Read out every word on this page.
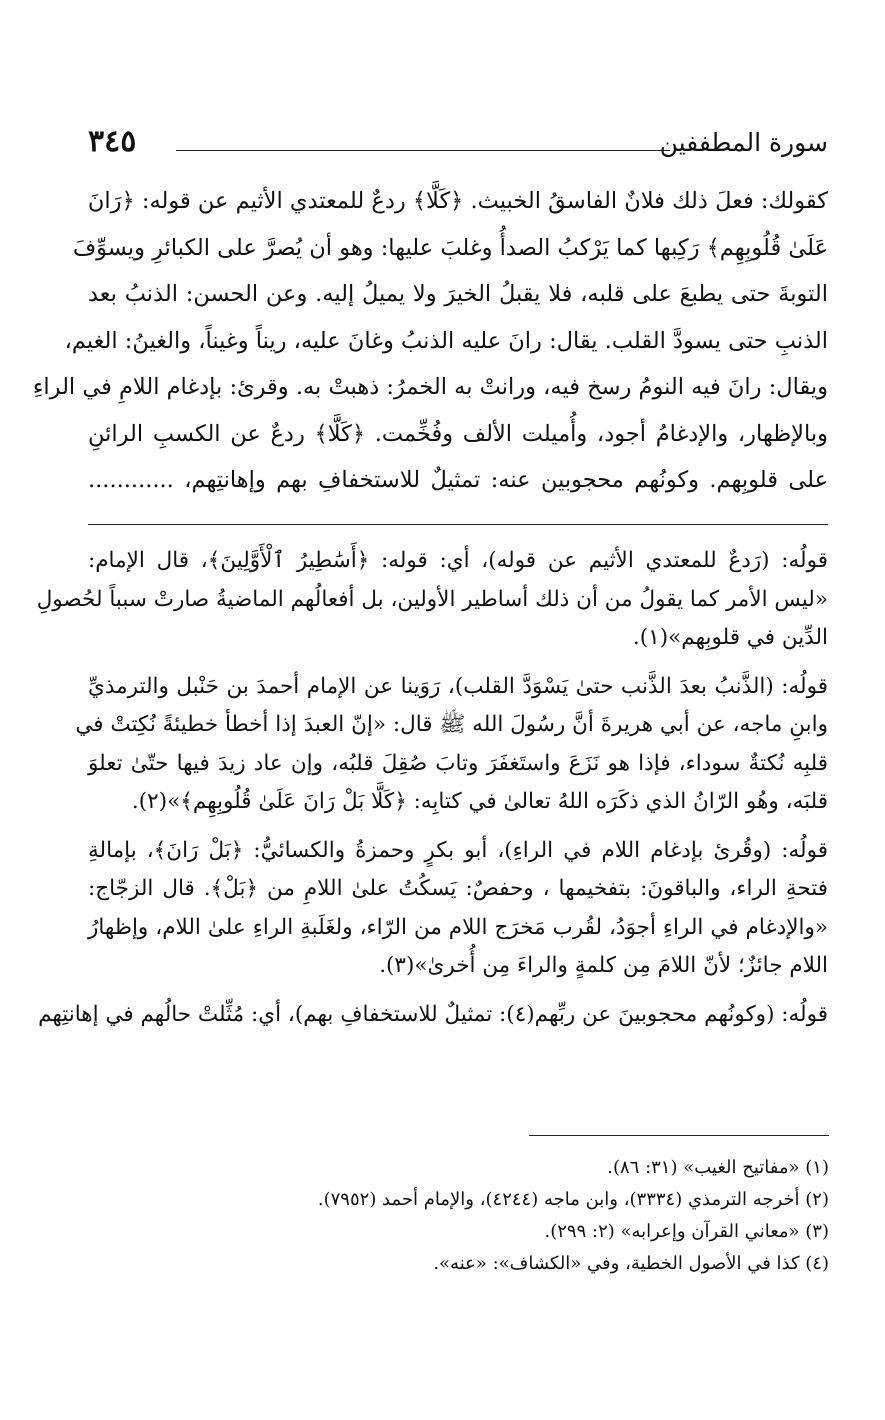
سورة المطففين
٣٤٥
كقولك: فعلَ ذلك فلانٌ الفاسقُ الخبيث. ﴿كَلَّا﴾ ردعٌ للمعتدي الأثيم عن قوله: ﴿رَانَ
عَلَىٰ قُلُوبِهِم﴾ رَكِبها كما يَرْكبُ الصدأُ وغلبَ عليها: وهو أن يُصرَّ على الكبائرِ ويسوِّفَ
التوبةَ حتى يطبعَ على قلبه، فلا يقبلُ الخيرَ ولا يميلُ إليه. وعن الحسن: الذنبُ بعد
الذنبِ حتى يسودَّ القلب. يقال: رانَ عليه الذنبُ وغانَ عليه، ريناً وغيناً، والغينُ: الغيم،
ويقال: رانَ فيه النومُ رسخ فيه، ورانتْ به الخمرُ: ذهبتْ به. وقرئ: بإدغام اللامِ في الراءِ
وبالإظهار، والإدغامُ أجود، وأُميلت الألف وفُخِّمت. ﴿كَلَّا﴾ ردعٌ عن الكسبِ الرائنِ
على قلوبِهم. وكونُهم محجوبين عنه: تمثيلٌ للاستخفافِ بهم وإهانتِهم، ............
قولُه: (رَدعٌ للمعتدي الأثيم عن قوله)، أي: قوله: ﴿أَسَٰطِيرُ ٱلْأَوَّلِينَ﴾، قال الإمام:
«ليس الأمر كما يقولُ من أن ذلك أساطير الأولين، بل أفعالُهم الماضيةُ صارتْ سبباً لحُصولِ
الدِّين في قلوبِهم»(١).
قولُه: (الذَّنبُ بعدَ الذَّنب حتىٰ يَسْوَدَّ القلب)، رَوَينا عن الإمام أحمدَ بن حَنْبل والترمذيِّ
وابنِ ماجه، عن أبي هريرةَ أنَّ رسُولَ الله ﷺ قال: «إنّ العبدَ إذا أخطأ خطيئةً نُكِتتْ في
قلبِه نُكتةٌ سوداء، فإذا هو نَزَعَ واستَغفَرَ وتابَ صُقِلَ قلبُه، وإن عاد زيدَ فيها حتّىٰ تعلوَ
قلبَه، وهُو الرّانُ الذي ذكَرَه اللهُ تعالىٰ في كتابِه: ﴿كَلَّا بَلْ رَانَ عَلَىٰ قُلُوبِهِم﴾»(٢).
قولُه: (وقُرئ بإدغام اللام في الراءِ)، أبو بكرٍ وحمزةُ والكسائيُّ: ﴿بَلْ رَانَ﴾، بإمالةِ
فتحةِ الراء، والباقونَ: بتفخيمها ، وحفصٌ: يَسكُتُ علىٰ اللامِ من ﴿بَلْ﴾. قال الزجّاج:
«والإدغام في الراءِ أجوَدُ، لقُرب مَخرَج اللام من الرّاء، ولغَلَبةِ الراءِ علىٰ اللام، وإظهارُ
اللام جائزٌ؛ لأنّ اللامَ مِن كلمةٍ والراءَ مِن أُخرىٰ»(٣).
قولُه: (وكونُهم محجوبينَ عن ربِّهم(٤): تمثيلٌ للاستخفافِ بهم)، أي: مُثِّلتْ حالُهم في إهانتِهم
(١) «مفاتيح الغيب» (٣١: ٨٦).
(٢) أخرجه الترمذي (٣٣٣٤)، وابن ماجه (٤٢٤٤)، والإمام أحمد (٧٩٥٢).
(٣) «معاني القرآن وإعرابه» (٢: ٢٩٩).
(٤) كذا في الأصول الخطية، وفي «الكشاف»: «عنه».
